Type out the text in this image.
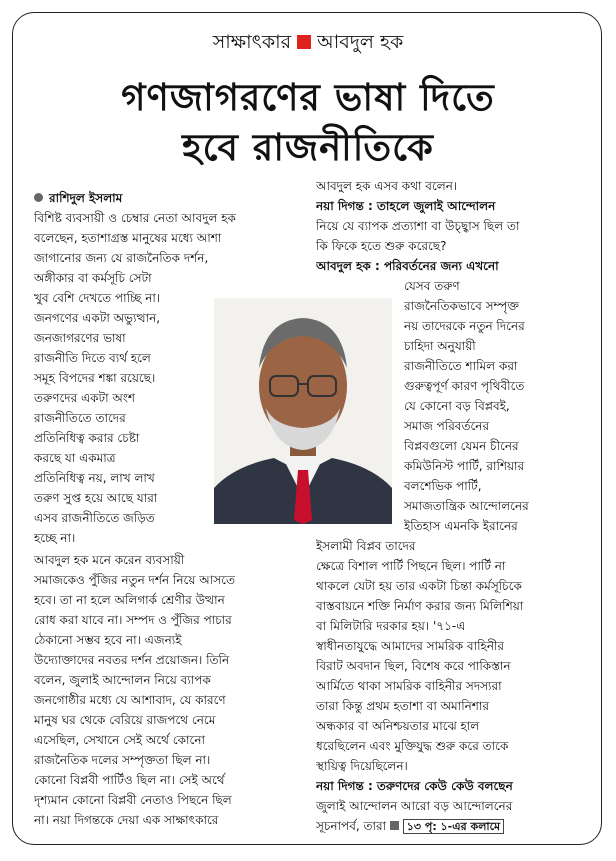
সাক্ষাৎকার আবদুল হক
গণজাগরণের ভাষা দিতে
হবে রাজনীতিকে
রাশিদুল ইসলাম
বিশিষ্ট ব্যবসায়ী ও চেম্বার নেতা আবদুল হক
বলেছেন, হতাশাগ্রস্ত মানুষের মধ্যে আশা
জাগানোর জন্য যে রাজনৈতিক দর্শন,
অঙ্গীকার বা কর্মসূচি সেটা
খুব বেশি দেখতে পাচ্ছি না।
জনগণের একটা অভ্যুত্থান,
জনজাগরণের ভাষা
রাজনীতি দিতে ব্যর্থ হলে
সমূহ বিপদের শঙ্কা রয়েছে।
তরুণদের একটা অংশ
রাজনীতিতে তাদের
প্রতিনিধিত্ব করার চেষ্টা
করছে যা একমাত্র
প্রতিনিধিত্ব নয়, লাখ লাখ
তরুণ সুপ্ত হয়ে আছে যারা
এসব রাজনীতিতে জড়িত
হচ্ছে না।
আবদুল হক এসব কথা বলেন।
নয়া দিগন্ত : তাহলে জুলাই আন্দোলন
নিয়ে যে ব্যাপক প্রত্যাশা বা উচ্ছ্বাস ছিল তা
কি ফিকে হতে শুরু করেছে?
আবদুল হক : পরিবর্তনের জন্য এখনো
যেসব তরুণ
রাজনৈতিকভাবে সম্পৃক্ত
নয় তাদেরকে নতুন দিনের
চাহিদা অনুযায়ী
রাজনীতিতে শামিল করা
গুরুত্বপূর্ণ কারণ পৃথিবীতে
যে কোনো বড় বিপ্লবই,
সমাজ পরিবর্তনের
বিপ্লবগুলো যেমন চীনের
কমিউনিস্ট পার্টি, রাশিয়ার
বলশেভিক পার্টি,
সমাজতান্ত্রিক আন্দোলনের
ইতিহাস এমনকি ইরানের
আবদুল হক মনে করেন ব্যবসায়ী
সমাজকেও পুঁজির নতুন দর্শন নিয়ে আসতে
হবে। তা না হলে অলিগার্ক শ্রেণীর উত্থান
রোধ করা যাবে না। সম্পদ ও পুঁজির পাচার
ঠেকানো সম্ভব হবে না। এজন্যই
উদ্যোক্তাদের নবতর দর্শন প্রয়োজন। তিনি
বলেন, জুলাই আন্দোলন নিয়ে ব্যাপক
জনগোষ্ঠীর মধ্যে যে আশাবাদ, যে কারণে
মানুষ ঘর থেকে বেরিয়ে রাজপথে নেমে
এসেছিল, সেখানে সেই অর্থে কোনো
রাজনৈতিক দলের সম্পৃক্ততা ছিল না।
কোনো বিপ্লবী পার্টিও ছিল না। সেই অর্থে
ইসলামী বিপ্লব তাদের
ক্ষেত্রে বিশাল পার্টি পিছনে ছিল। পার্টি না
থাকলে যেটা হয় তার একটা চিন্তা কর্মসূচিকে
বাস্তবায়নে শক্তি নির্মাণ করার জন্য মিলিশিয়া
বা মিলিটারি দরকার হয়। '৭১-এ
স্বাধীনতাযুদ্ধে আমাদের সামরিক বাহিনীর
বিরাট অবদান ছিল, বিশেষ করে পাকিস্তান
আর্মিতে থাকা সামরিক বাহিনীর সদস্যরা
তারা কিন্তু প্রথম হতাশা বা অমানিশার
অন্ধকার বা অনিশ্চয়তার মাঝে হাল
ধরেছিলেন এবং মুক্তিযুদ্ধ শুরু করে তাকে
স্থায়িত্ব দিয়েছিলেন।
দৃশ্যমান কোনো বিপ্লবী নেতাও পিছনে ছিল
না। নয়া দিগন্তকে দেয়া এক সাক্ষাৎকারে
নয়া দিগন্ত : তরুণদের কেউ কেউ বলছেন
জুলাই আন্দোলন আরো বড় আন্দোলনের
সূচনাপর্ব, তারা ১৩ পৃ: ১-এর কলামে
